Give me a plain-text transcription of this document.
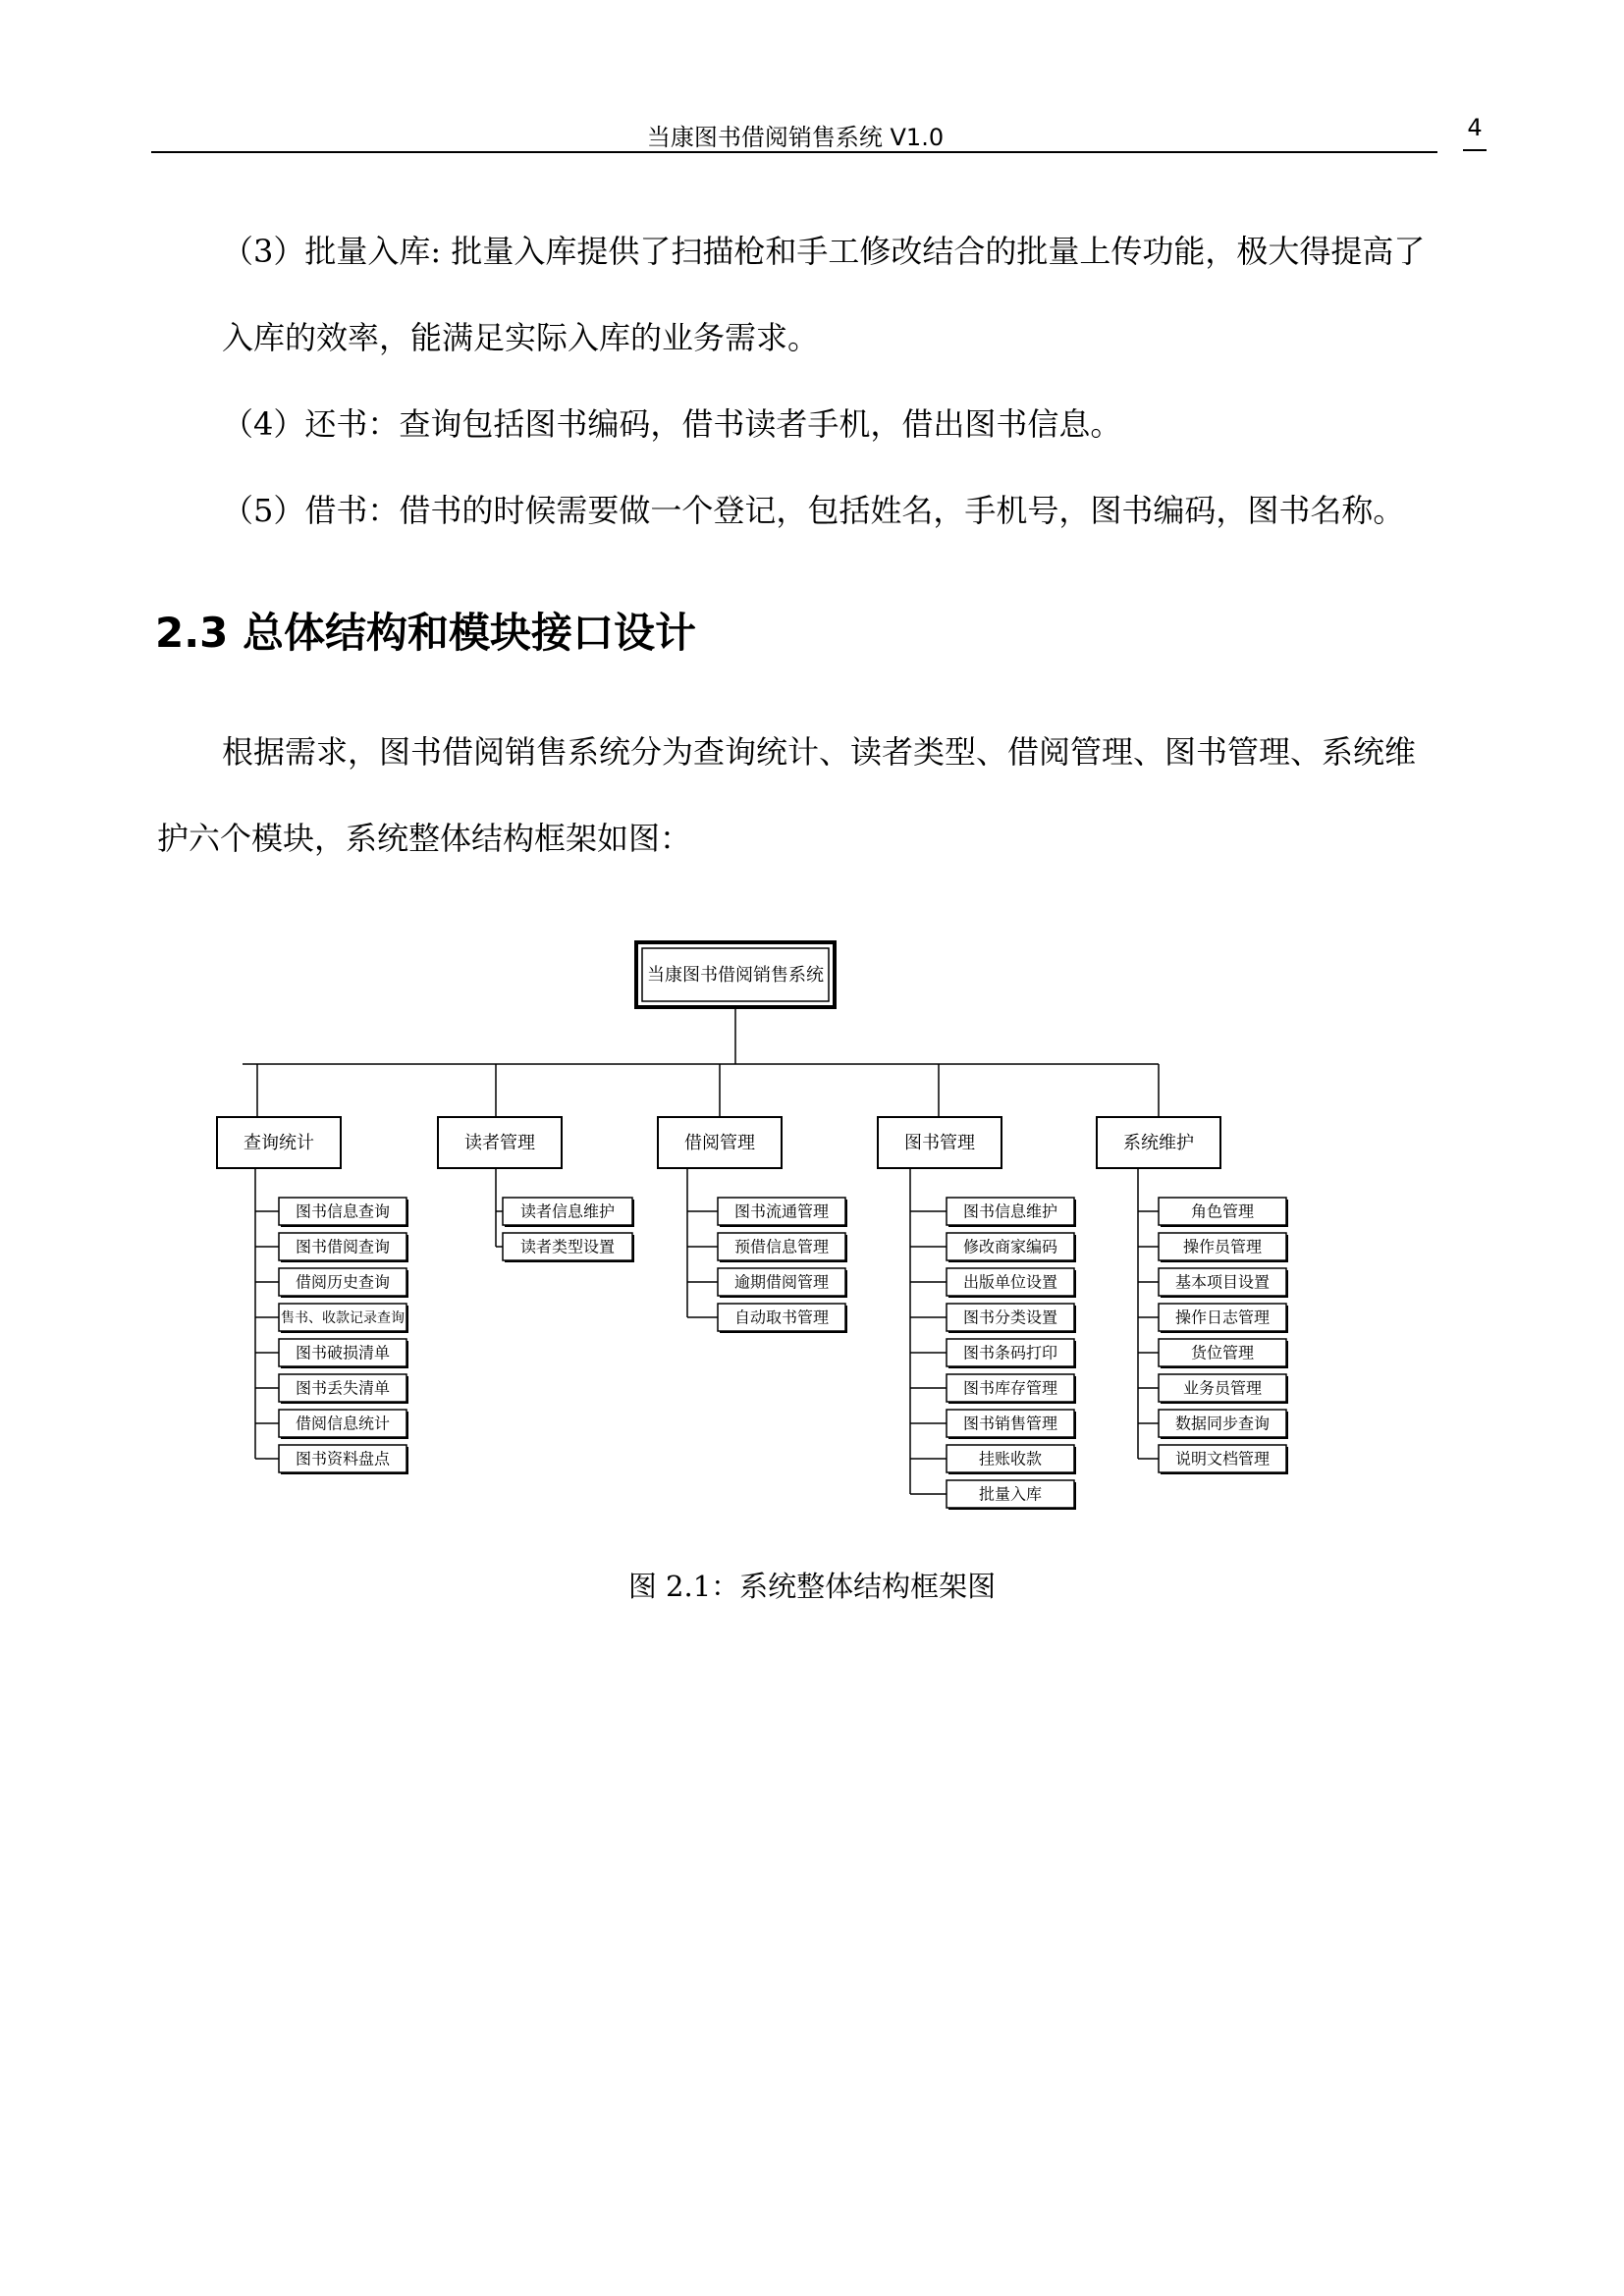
当康图书借阅销售系统 V1.0	4
（3）批量入库: 批量入库提供了扫描枪和手工修改结合的批量上传功能，极大得提高了
入库的效率，能满足实际入库的业务需求。
（4）还书：查询包括图书编码，借书读者手机，借出图书信息。
（5）借书：借书的时候需要做一个登记，包括姓名，手机号，图书编码，图书名称。
2.3 总体结构和模块接口设计
根据需求，图书借阅销售系统分为查询统计、读者类型、借阅管理、图书管理、系统维
护六个模块，系统整体结构框架如图：
当康图书借阅销售系统
查询统计
图书信息查询
图书借阅查询
借阅历史查询
售书、收款记录查询
图书破损清单
图书丢失清单
借阅信息统计
图书资料盘点
读者管理
读者信息维护
读者类型设置
借阅管理
图书流通管理
预借信息管理
逾期借阅管理
自动取书管理
图书管理
图书信息维护
修改商家编码
出版单位设置
图书分类设置
图书条码打印
图书库存管理
图书销售管理
挂账收款
批量入库
系统维护
角色管理
操作员管理
基本项目设置
操作日志管理
货位管理
业务员管理
数据同步查询
说明文档管理
图 2.1：系统整体结构框架图
